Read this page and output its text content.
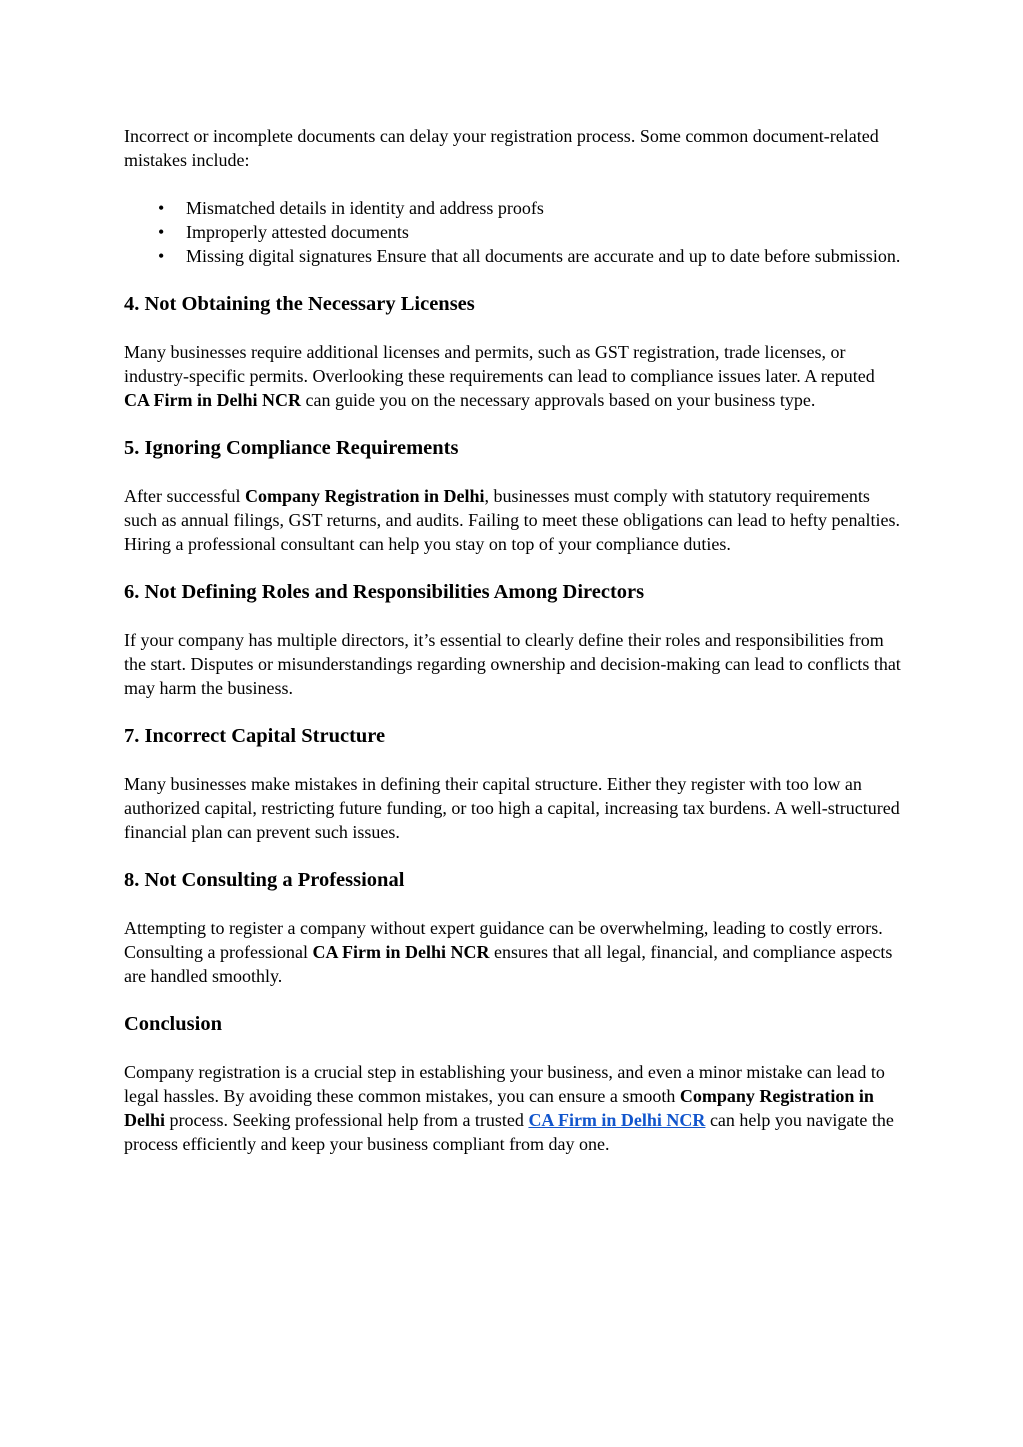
Incorrect or incomplete documents can delay your registration process. Some common document-related mistakes include:

• Mismatched details in identity and address proofs
• Improperly attested documents
• Missing digital signatures Ensure that all documents are accurate and up to date before submission.
4. Not Obtaining the Necessary Licenses

Many businesses require additional licenses and permits, such as GST registration, trade licenses, or industry-specific permits. Overlooking these requirements can lead to compliance issues later. A reputed CA Firm in Delhi NCR can guide you on the necessary approvals based on your business type.

5. Ignoring Compliance Requirements

After successful Company Registration in Delhi, businesses must comply with statutory requirements such as annual filings, GST returns, and audits. Failing to meet these obligations can lead to hefty penalties. Hiring a professional consultant can help you stay on top of your compliance duties.

6. Not Defining Roles and Responsibilities Among Directors

If your company has multiple directors, it’s essential to clearly define their roles and responsibilities from the start. Disputes or misunderstandings regarding ownership and decision-making can lead to conflicts that may harm the business.

7. Incorrect Capital Structure

Many businesses make mistakes in defining their capital structure. Either they register with too low an authorized capital, restricting future funding, or too high a capital, increasing tax burdens. A well-structured financial plan can prevent such issues.

8. Not Consulting a Professional

Attempting to register a company without expert guidance can be overwhelming, leading to costly errors. Consulting a professional CA Firm in Delhi NCR ensures that all legal, financial, and compliance aspects are handled smoothly.

Conclusion

Company registration is a crucial step in establishing your business, and even a minor mistake can lead to legal hassles. By avoiding these common mistakes, you can ensure a smooth Company Registration in Delhi process. Seeking professional help from a trusted CA Firm in Delhi NCR can help you navigate the process efficiently and keep your business compliant from day one.
